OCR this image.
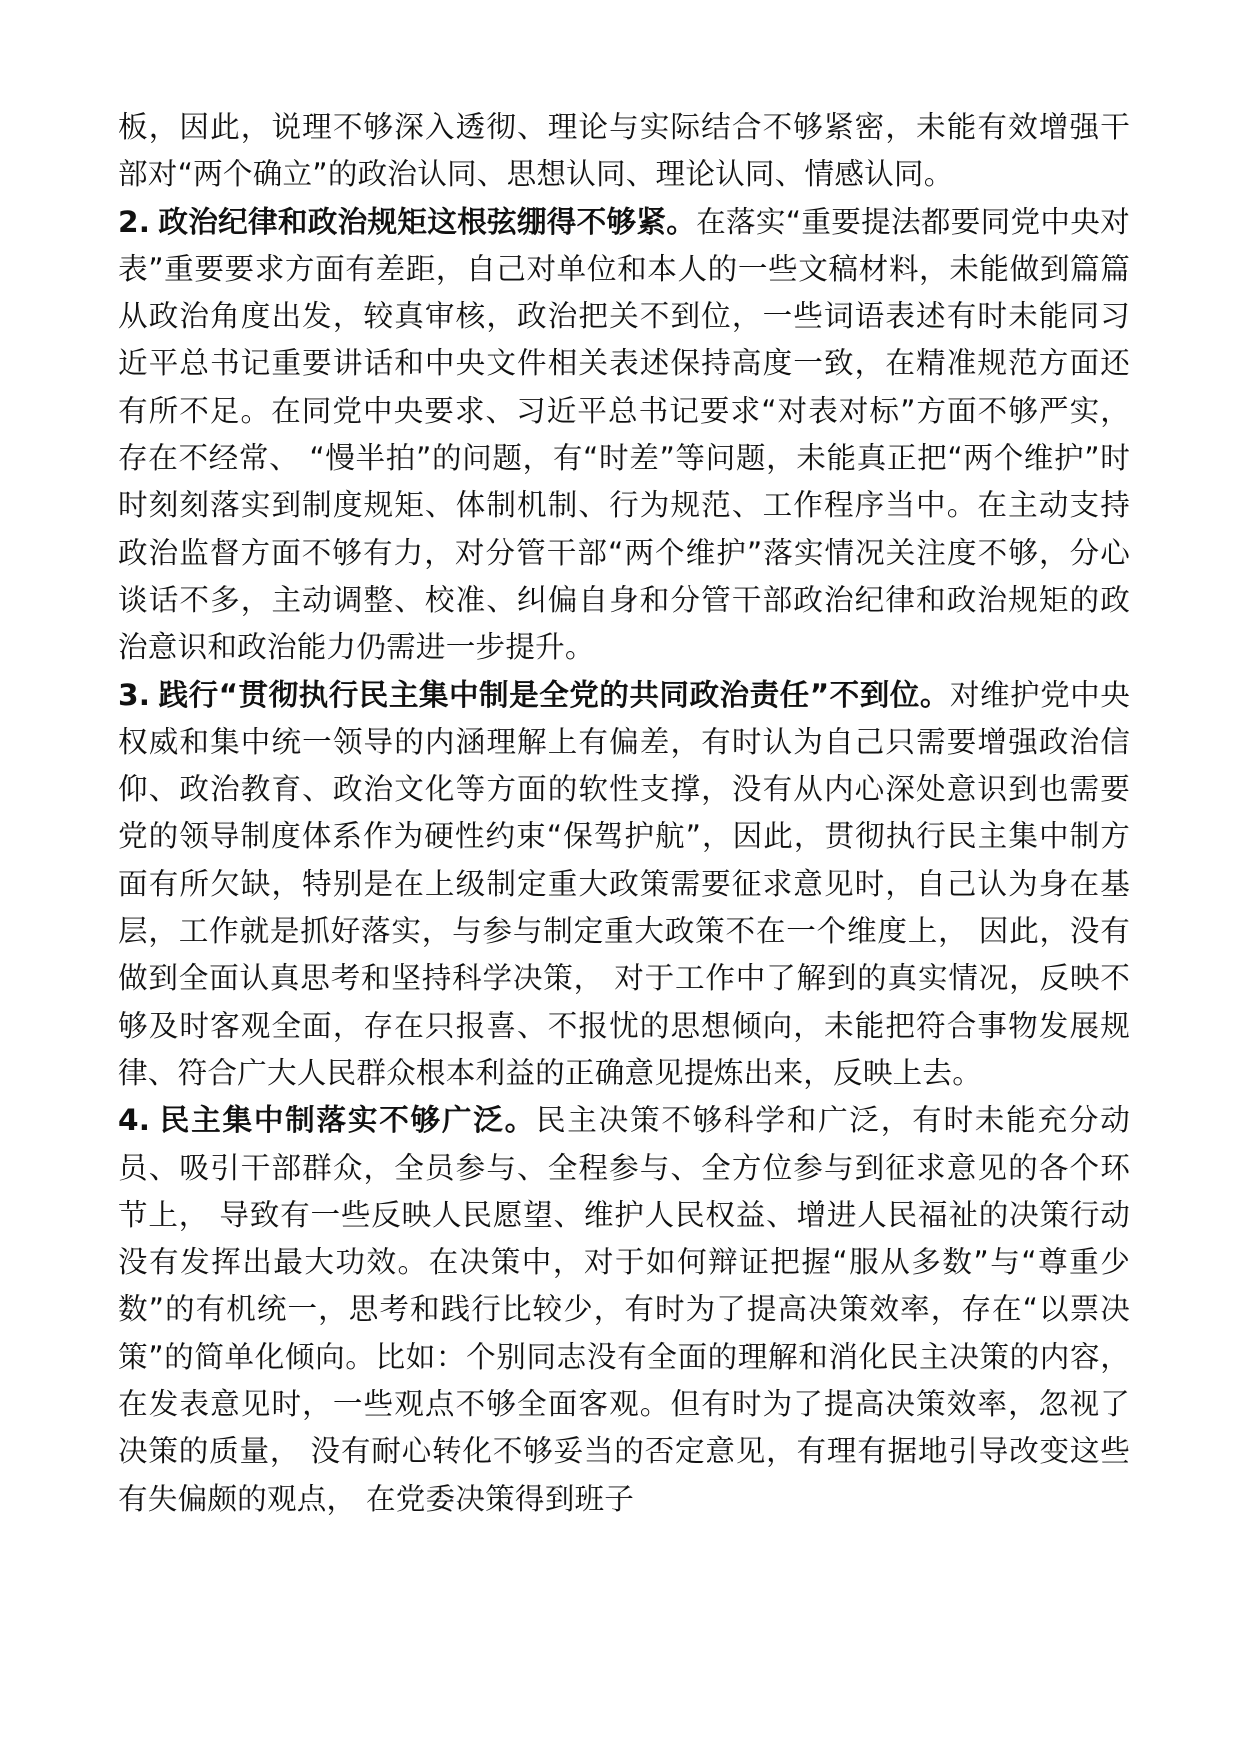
板，因此，说理不够深入透彻、理论与实际结合不够紧密，未能有效增强干部对“两个确立”的政治认同、思想认同、理论认同、情感认同。

2. 政治纪律和政治规矩这根弦绷得不够紧。在落实“重要提法都要同党中央对表”重要要求方面有差距，自己对单位和本人的一些文稿材料，未能做到篇篇从政治角度出发，较真审核，政治把关不到位，一些词语表述有时未能同习近平总书记重要讲话和中央文件相关表述保持高度一致，在精准规范方面还有所不足。在同党中央要求、习近平总书记要求“对表对标”方面不够严实，存在不经常、 “慢半拍”的问题，有“时差”等问题，未能真正把“两个维护”时时刻刻落实到制度规矩、体制机制、行为规范、工作程序当中。在主动支持政治监督方面不够有力，对分管干部“两个维护”落实情况关注度不够，分心谈话不多，主动调整、校准、纠偏自身和分管干部政治纪律和政治规矩的政治意识和政治能力仍需进一步提升。

3. 践行“贯彻执行民主集中制是全党的共同政治责任”不到位。对维护党中央权威和集中统一领导的内涵理解上有偏差，有时认为自己只需要增强政治信仰、政治教育、政治文化等方面的软性支撑，没有从内心深处意识到也需要党的领导制度体系作为硬性约束“保驾护航”，因此，贯彻执行民主集中制方面有所欠缺，特别是在上级制定重大政策需要征求意见时，自己认为身在基层，工作就是抓好落实，与参与制定重大政策不在一个维度上， 因此，没有做到全面认真思考和坚持科学决策， 对于工作中了解到的真实情况，反映不够及时客观全面，存在只报喜、不报忧的思想倾向，未能把符合事物发展规律、符合广大人民群众根本利益的正确意见提炼出来，反映上去。

4. 民主集中制落实不够广泛。民主决策不够科学和广泛，有时未能充分动员、吸引干部群众，全员参与、全程参与、全方位参与到征求意见的各个环节上， 导致有一些反映人民愿望、维护人民权益、增进人民福祉的决策行动没有发挥出最大功效。在决策中，对于如何辩证把握“服从多数”与“尊重少数”的有机统一，思考和践行比较少，有时为了提高决策效率，存在“以票决策”的简单化倾向。比如：个别同志没有全面的理解和消化民主决策的内容，在发表意见时，一些观点不够全面客观。但有时为了提高决策效率，忽视了决策的质量， 没有耐心转化不够妥当的否定意见，有理有据地引导改变这些有失偏颇的观点， 在党委决策得到班子
